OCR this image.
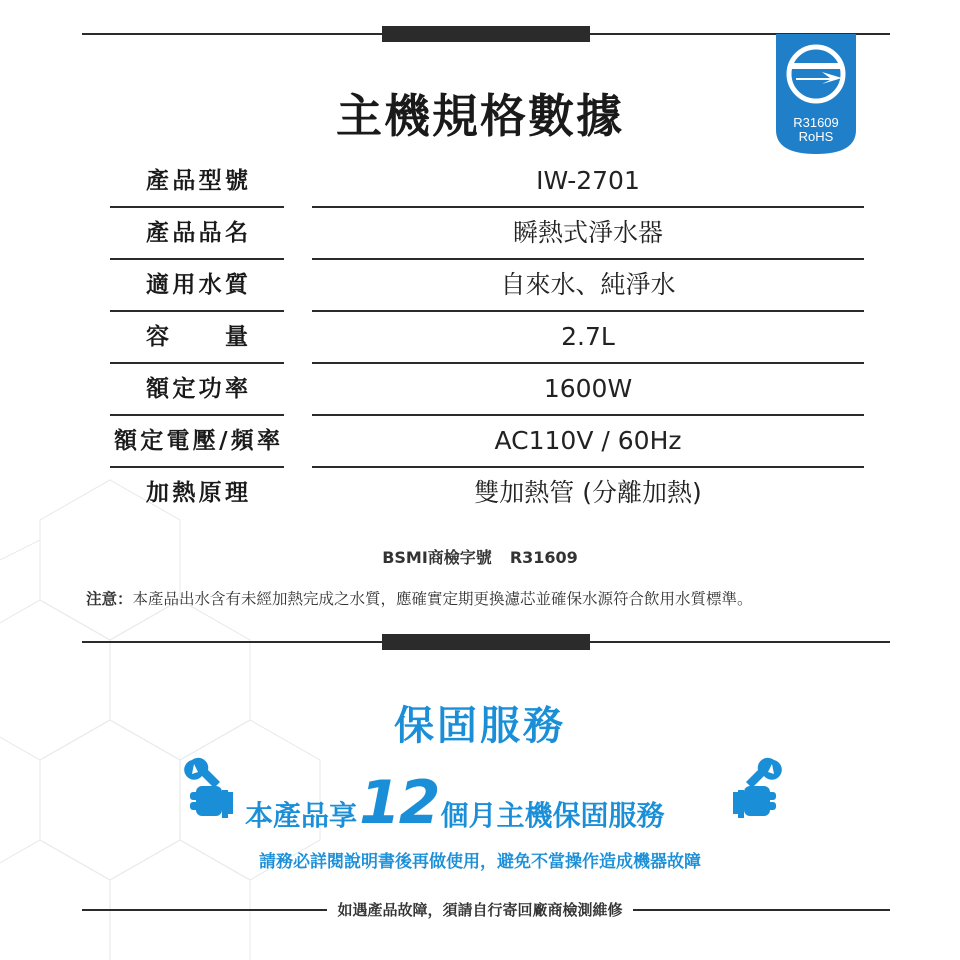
主機規格數據	R31609
RoHS
產品型號	IW-2701
產品品名	瞬熱式淨水器
適用水質	自來水、純淨水
容　　量	2.7L
額定功率	1600W
額定電壓/頻率	AC110V / 60Hz
加熱原理	雙加熱管 (分離加熱)
BSMI商檢字號 R31609
注意：本產品出水含有未經加熱完成之水質，應確實定期更換濾芯並確保水源符合飲用水質標準。
保固服務
本產品享 12 個月主機保固服務
請務必詳閱說明書後再做使用，避免不當操作造成機器故障
如遇產品故障，須請自行寄回廠商檢測維修
